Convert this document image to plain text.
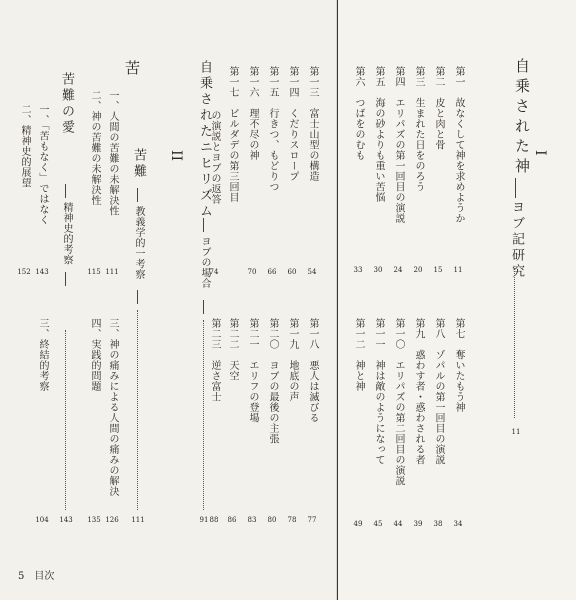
自乗された神 I
ヨブ記研究
11
第一　故なくして神を求めようか
11
第二　皮と肉と骨
15
第三　生まれた日をのろう
20
第四　エリパズの第一回目の演説
24
第五　海の砂よりも重い苦悩
30
第六　つばをのむも
33
第七　奪いたもう神
34
第八　ゾパルの第一回目の演説
38
第九　惑わす者・惑わされる者
39
第一〇　エリパズの第二回目の演説
44
第一一　神は敵のようになって
45
第一二　神と神
49
自乗されたニヒリズム
ヨブの場合
91
第一三　富士山型の構造
54
第一四　くだりスロープ
60
第一五　行きつ、もどりつ
66
第一六　理不尽の神
70
第一七　ビルダデの第三回目
の演説とヨブの返答
74
第一八　悪人は滅びる
77
第一九　地底の声
78
第二〇　ヨブの最後の主張
80
第二一　エリフの登場
83
第二二　天空
86
第二三　逆さ富士
88
II
苦
苦難
教義学的一考察
111
一、人間の苦難の未解決性
111
二、神の苦難の未解決性
115
三、神の痛みによる人間の痛みの解決
126
四、実践的問題
135
苦難の愛
精神史的考察
143
一、「苦もなく」ではなく
143
二、精神史的展望
152
三、終結的考察
104
5　 目次
